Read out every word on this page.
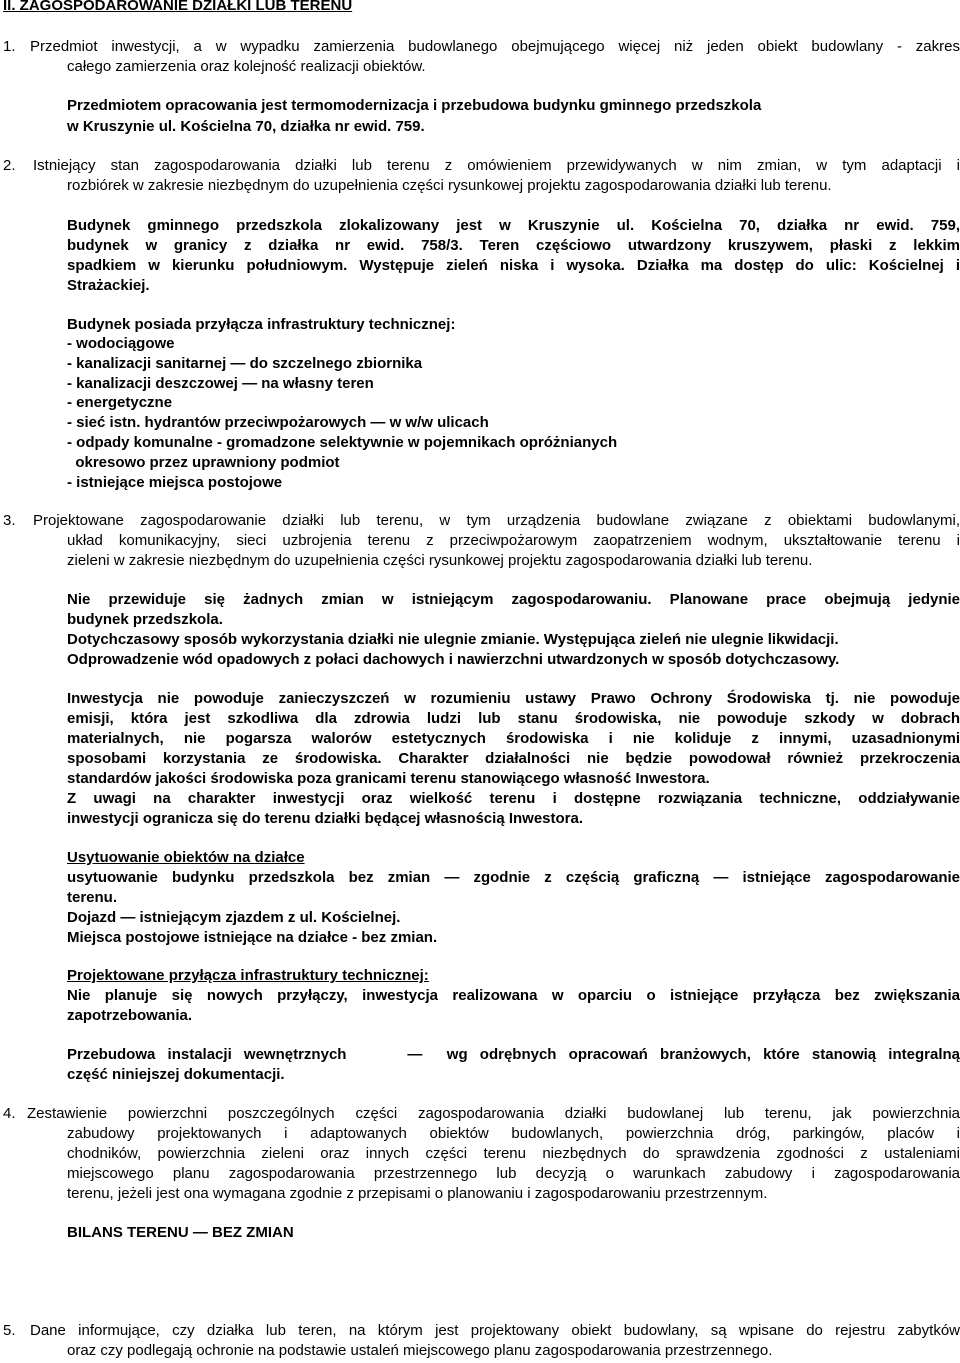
II. ZAGOSPODAROWANIE DZIAŁKI LUB TERENU
1. Przedmiot inwestycji, a w wypadku zamierzenia budowlanego obejmującego więcej niż jeden obiekt budowlany - zakres
całego zamierzenia oraz kolejność realizacji obiektów.
Przedmiotem opracowania jest termomodernizacja i przebudowa budynku gminnego przedszkola
w Kruszynie ul. Kościelna 70, działka nr ewid. 759.
2. Istniejący stan zagospodarowania działki lub terenu z omówieniem przewidywanych w nim zmian, w tym adaptacji i
rozbiórek w zakresie niezbędnym do uzupełnienia części rysunkowej projektu zagospodarowania działki lub terenu.
Budynek gminnego przedszkola zlokalizowany jest w Kruszynie ul. Kościelna 70, działka nr ewid. 759,
budynek w granicy z działka nr ewid. 758/3. Teren częściowo utwardzony kruszywem, płaski z lekkim
spadkiem w kierunku południowym. Występuje zieleń niska i wysoka. Działka ma dostęp do ulic: Kościelnej i
Strażackiej.
Budynek posiada przyłącza infrastruktury technicznej:
- wodociągowe
- kanalizacji sanitarnej — do szczelnego zbiornika
- kanalizacji deszczowej — na własny teren
- energetyczne
- sieć istn. hydrantów przeciwpożarowych — w w/w ulicach
- odpady komunalne - gromadzone selektywnie w pojemnikach opróżnianych
okresowo przez uprawniony podmiot
- istniejące miejsca postojowe
3. Projektowane zagospodarowanie działki lub terenu, w tym urządzenia budowlane związane z obiektami budowlanymi,
układ komunikacyjny, sieci uzbrojenia terenu z przeciwpożarowym zaopatrzeniem wodnym, ukształtowanie terenu i
zieleni w zakresie niezbędnym do uzupełnienia części rysunkowej projektu zagospodarowania działki lub terenu.
Nie przewiduje się żadnych zmian w istniejącym zagospodarowaniu. Planowane prace obejmują jedynie
budynek przedszkola.
Dotychczasowy sposób wykorzystania działki nie ulegnie zmianie. Występująca zieleń nie ulegnie likwidacji.
Odprowadzenie wód opadowych z połaci dachowych i nawierzchni utwardzonych w sposób dotychczasowy.
Inwestycja nie powoduje zanieczyszczeń w rozumieniu ustawy Prawo Ochrony Środowiska tj. nie powoduje
emisji, która jest szkodliwa dla zdrowia ludzi lub stanu środowiska, nie powoduje szkody w dobrach
materialnych, nie pogarsza walorów estetycznych środowiska i nie koliduje z innymi, uzasadnionymi
sposobami korzystania ze środowiska. Charakter działalności nie będzie powodował również przekroczenia
standardów jakości środowiska poza granicami terenu stanowiącego własność Inwestora.
Z uwagi na charakter inwestycji oraz wielkość terenu i dostępne rozwiązania techniczne, oddziaływanie
inwestycji ogranicza się do terenu działki będącej własnością Inwestora.
Usytuowanie obiektów na działce
usytuowanie budynku przedszkola bez zmian — zgodnie z częścią graficzną — istniejące zagospodarowanie
terenu.
Dojazd — istniejącym zjazdem z ul. Kościelnej.
Miejsca postojowe istniejące na działce - bez zmian.
Projektowane przyłącza infrastruktury technicznej:
Nie planuje się nowych przyłączy, inwestycja realizowana w oparciu o istniejące przyłącza bez zwiększania
zapotrzebowania.
Przebudowa instalacji wewnętrznych     —  wg odrębnych opracowań branżowych, które stanowią integralną
część niniejszej dokumentacji.
4. Zestawienie powierzchni poszczególnych części zagospodarowania działki budowlanej lub terenu, jak powierzchnia
zabudowy projektowanych i adaptowanych obiektów budowlanych, powierzchnia dróg, parkingów, placów i
chodników, powierzchnia zieleni oraz innych części terenu niezbędnych do sprawdzenia zgodności z ustaleniami
miejscowego planu zagospodarowania przestrzennego lub decyzją o warunkach zabudowy i zagospodarowania
terenu, jeżeli jest ona wymagana zgodnie z przepisami o planowaniu i zagospodarowaniu przestrzennym.
BILANS TERENU — BEZ ZMIAN
5. Dane informujące, czy działka lub teren, na którym jest projektowany obiekt budowlany, są wpisane do rejestru zabytków
oraz czy podlegają ochronie na podstawie ustaleń miejscowego planu zagospodarowania przestrzennego.
